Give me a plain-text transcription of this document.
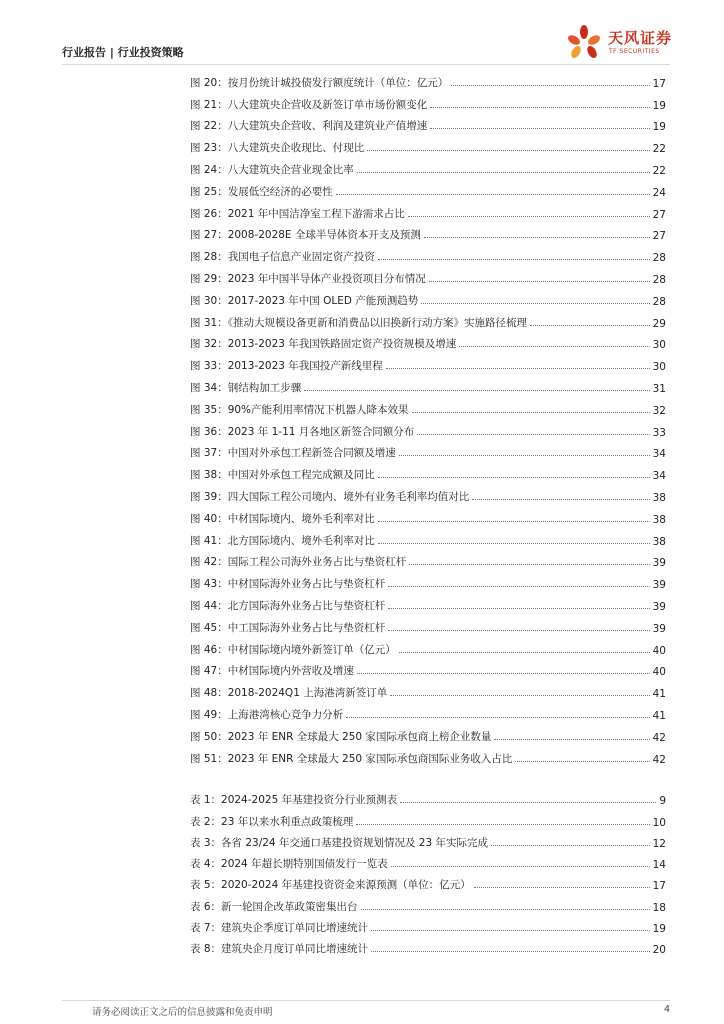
行业报告 | 行业投资策略
天风证券
TF SECURITIES
图 20：按月份统计城投债发行额度统计（单位：亿元）	17
图 21：八大建筑央企营收及新签订单市场份额变化	19
图 22：八大建筑央企营收、利润及建筑业产值增速	19
图 23：八大建筑央企收现比、付现比	22
图 24：八大建筑央企营业现金比率	22
图 25：发展低空经济的必要性	24
图 26：2021 年中国洁净室工程下游需求占比	27
图 27：2008-2028E 全球半导体资本开支及预测	27
图 28：我国电子信息产业固定资产投资	28
图 29：2023 年中国半导体产业投资项目分布情况	28
图 30：2017-2023 年中国 OLED 产能预测趋势	28
图 31：《推动大规模设备更新和消费品以旧换新行动方案》实施路径梳理	29
图 32：2013-2023 年我国铁路固定资产投资规模及增速	30
图 33：2013-2023 年我国投产新线里程	30
图 34：钢结构加工步骤	31
图 35：90%产能利用率情况下机器人降本效果	32
图 36：2023 年 1-11 月各地区新签合同额分布	33
图 37：中国对外承包工程新签合同额及增速	34
图 38：中国对外承包工程完成额及同比	34
图 39：四大国际工程公司境内、境外有业务毛利率均值对比	38
图 40：中材国际境内、境外毛利率对比	38
图 41：北方国际境内、境外毛利率对比	38
图 42：国际工程公司海外业务占比与垫资杠杆	39
图 43：中材国际海外业务占比与垫资杠杆	39
图 44：北方国际海外业务占比与垫资杠杆	39
图 45：中工国际海外业务占比与垫资杠杆	39
图 46：中材国际境内境外新签订单（亿元）	40
图 47：中材国际境内外营收及增速	40
图 48：2018-2024Q1 上海港湾新签订单	41
图 49：上海港湾核心竞争力分析	41
图 50：2023 年 ENR 全球最大 250 家国际承包商上榜企业数量	42
图 51：2023 年 ENR 全球最大 250 家国际承包商国际业务收入占比	42
表 1：2024-2025 年基建投资分行业预测表	9
表 2：23 年以来水利重点政策梳理	10
表 3：各省 23/24 年交通口基建投资规划情况及 23 年实际完成	12
表 4：2024 年超长期特别国债发行一览表	14
表 5：2020-2024 年基建投资资金来源预测（单位：亿元）	17
表 6：新一轮国企改革政策密集出台	18
表 7：建筑央企季度订单同比增速统计	19
表 8：建筑央企月度订单同比增速统计	20
请务必阅读正文之后的信息披露和免责申明	4
